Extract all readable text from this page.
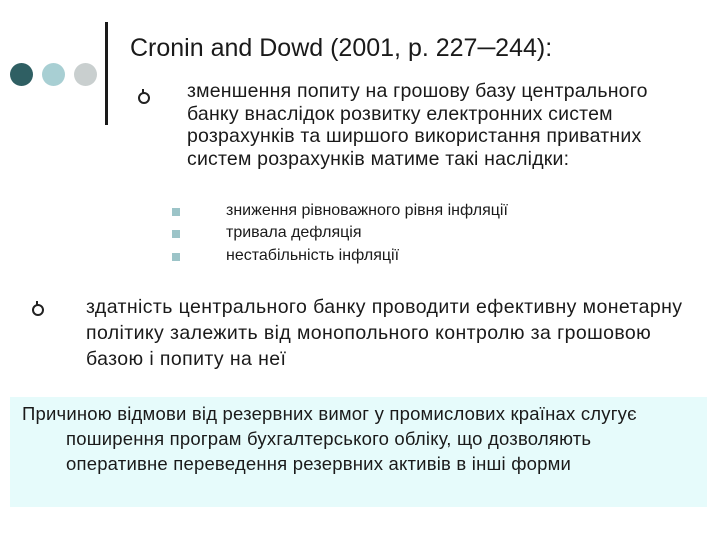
Cronin and Dowd (2001, p. 227─244):
зменшення попиту на грошову базу центрального банку внаслідок розвитку електронних систем розрахунків та ширшого використання приватних систем розрахунків матиме такі наслідки:
зниження рівноважного рівня інфляції
тривала дефляція
нестабільність інфляції
здатність центрального банку проводити ефективну монетарну політику залежить від монопольного контролю за грошовою базою і попиту на неї

Причиною відмови від резервних вимог у промислових країнах слугує поширення програм бухгалтерського обліку, що дозволяють оперативне переведення резервних активів в інші форми
